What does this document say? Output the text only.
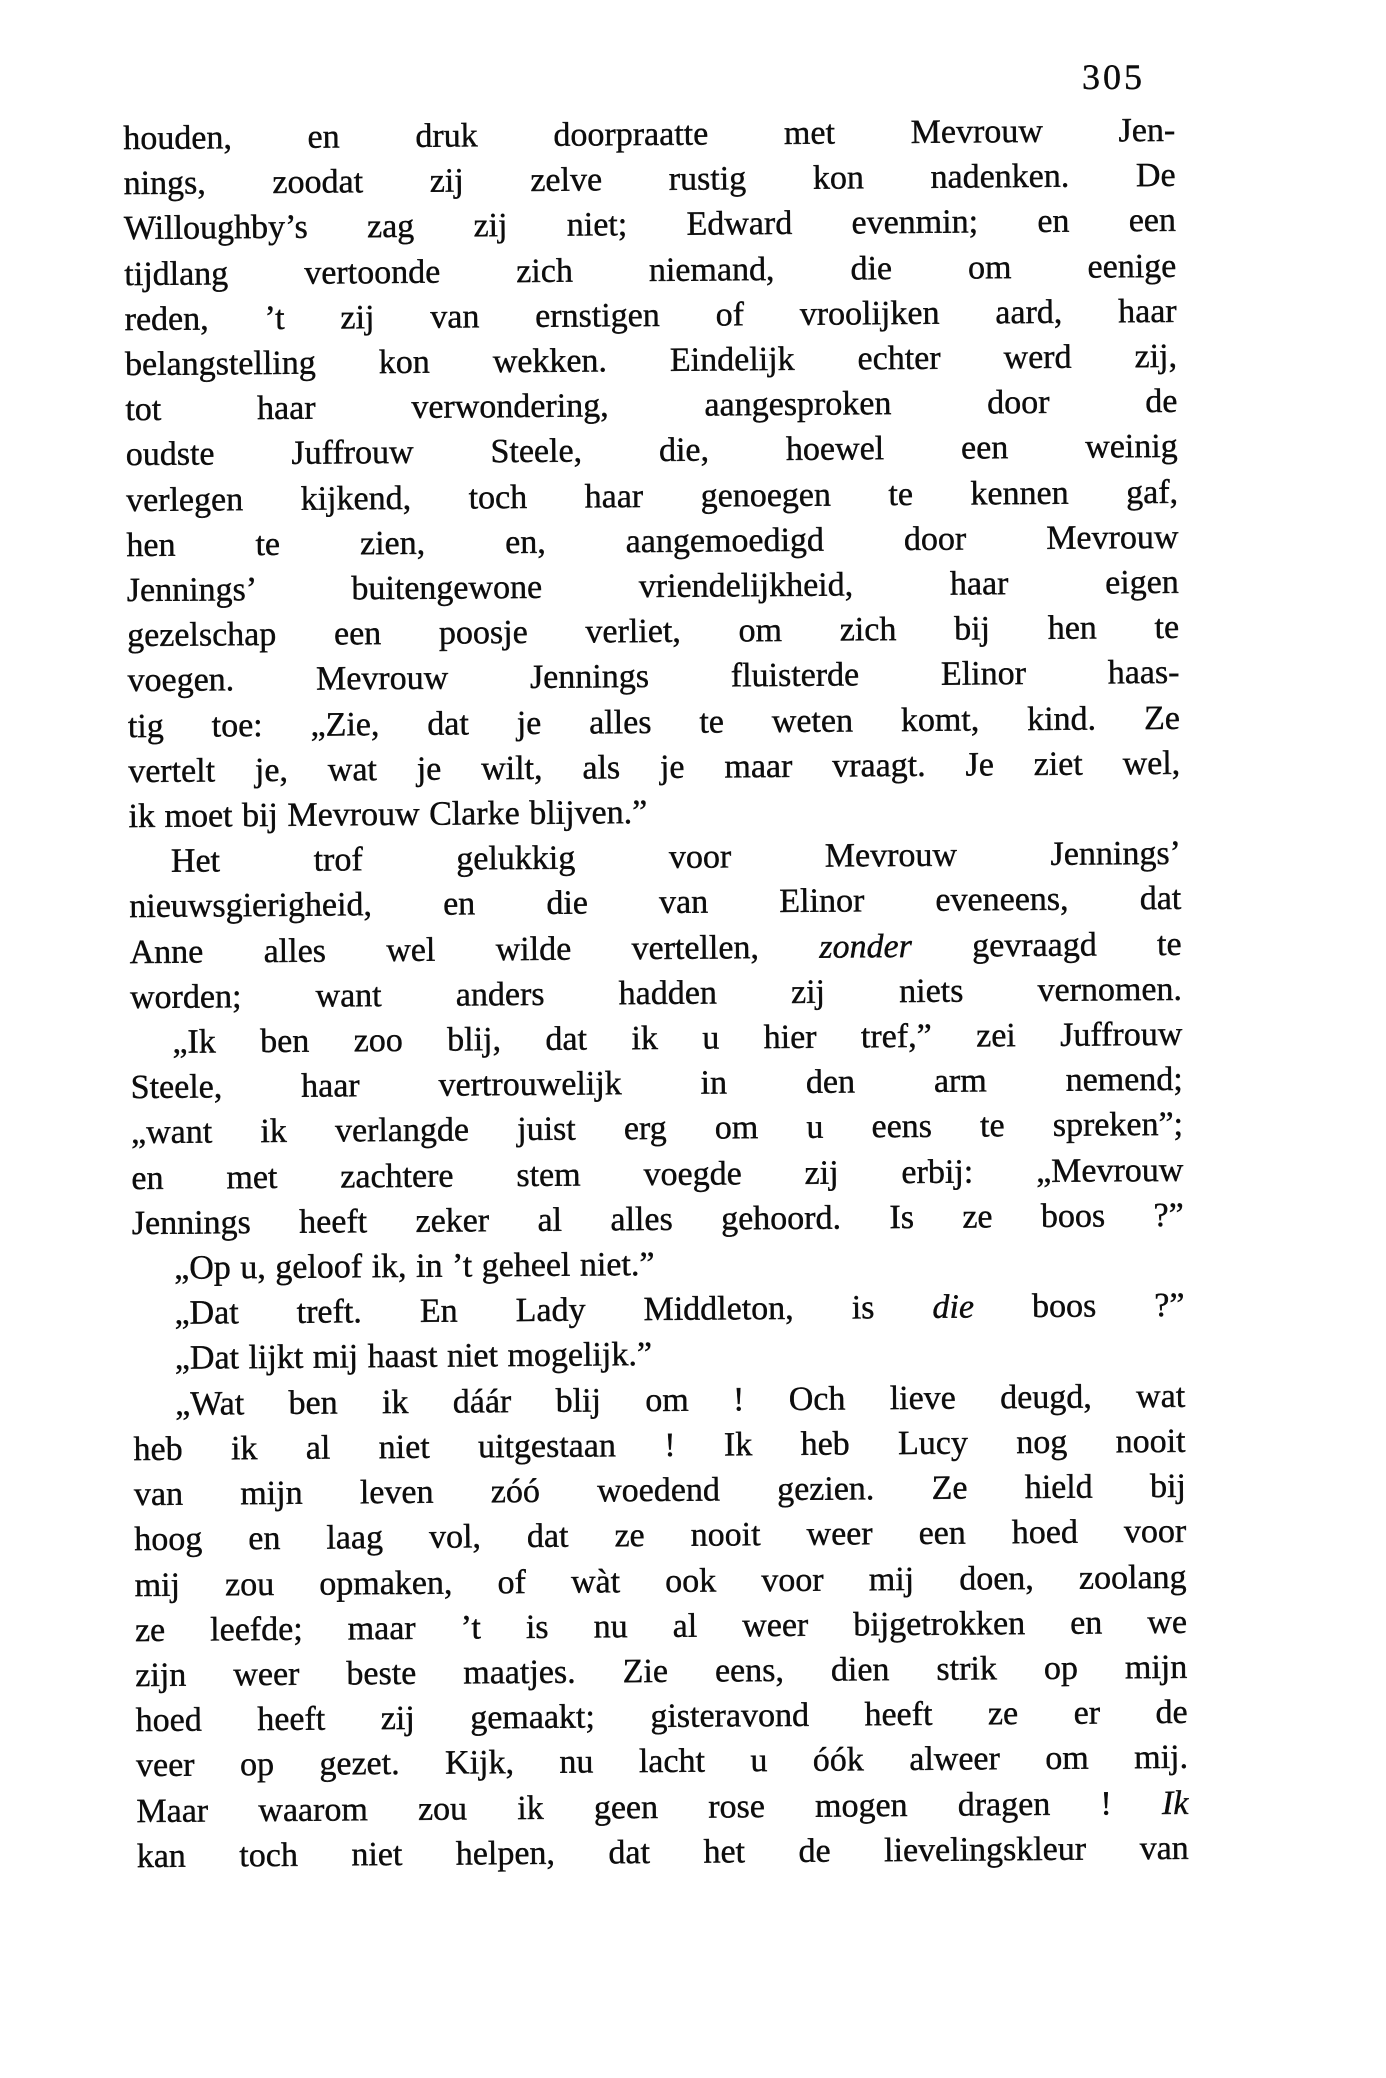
305
houden, en druk doorpraatte met Mevrouw Jen-
nings, zoodat zij zelve rustig kon nadenken. De
Willoughby’s zag zij niet; Edward evenmin; en een
tijdlang vertoonde zich niemand, die om eenige
reden, ’t zij van ernstigen of vroolijken aard, haar
belangstelling kon wekken. Eindelijk echter werd zij,
tot haar verwondering, aangesproken door de
oudste Juffrouw Steele, die, hoewel een weinig
verlegen kijkend, toch haar genoegen te kennen gaf,
hen te zien, en, aangemoedigd door Mevrouw
Jennings’ buitengewone vriendelijkheid, haar eigen
gezelschap een poosje verliet, om zich bij hen te
voegen. Mevrouw Jennings fluisterde Elinor haas-
tig toe: „Zie, dat je alles te weten komt, kind. Ze
vertelt je, wat je wilt, als je maar vraagt. Je ziet wel,
ik moet bij Mevrouw Clarke blijven.”
Het trof gelukkig voor Mevrouw Jennings’
nieuwsgierigheid, en die van Elinor eveneens, dat
Anne alles wel wilde vertellen, zonder gevraagd te
worden; want anders hadden zij niets vernomen.
„Ik ben zoo blij, dat ik u hier tref,” zei Juffrouw
Steele, haar vertrouwelijk in den arm nemend;
„want ik verlangde juist erg om u eens te spreken”;
en met zachtere stem voegde zij erbij: „Mevrouw
Jennings heeft zeker al alles gehoord. Is ze boos ?”
„Op u, geloof ik, in ’t geheel niet.”
„Dat treft. En Lady Middleton, is die boos ?”
„Dat lijkt mij haast niet mogelijk.”
„Wat ben ik dáár blij om ! Och lieve deugd, wat
heb ik al niet uitgestaan ! Ik heb Lucy nog nooit
van mijn leven zóó woedend gezien. Ze hield bij
hoog en laag vol, dat ze nooit weer een hoed voor
mij zou opmaken, of wàt ook voor mij doen, zoolang
ze leefde; maar ’t is nu al weer bijgetrokken en we
zijn weer beste maatjes. Zie eens, dien strik op mijn
hoed heeft zij gemaakt; gisteravond heeft ze er de
veer op gezet. Kijk, nu lacht u óók alweer om mij.
Maar waarom zou ik geen rose mogen dragen ! Ik
kan toch niet helpen, dat het de lievelingskleur van
